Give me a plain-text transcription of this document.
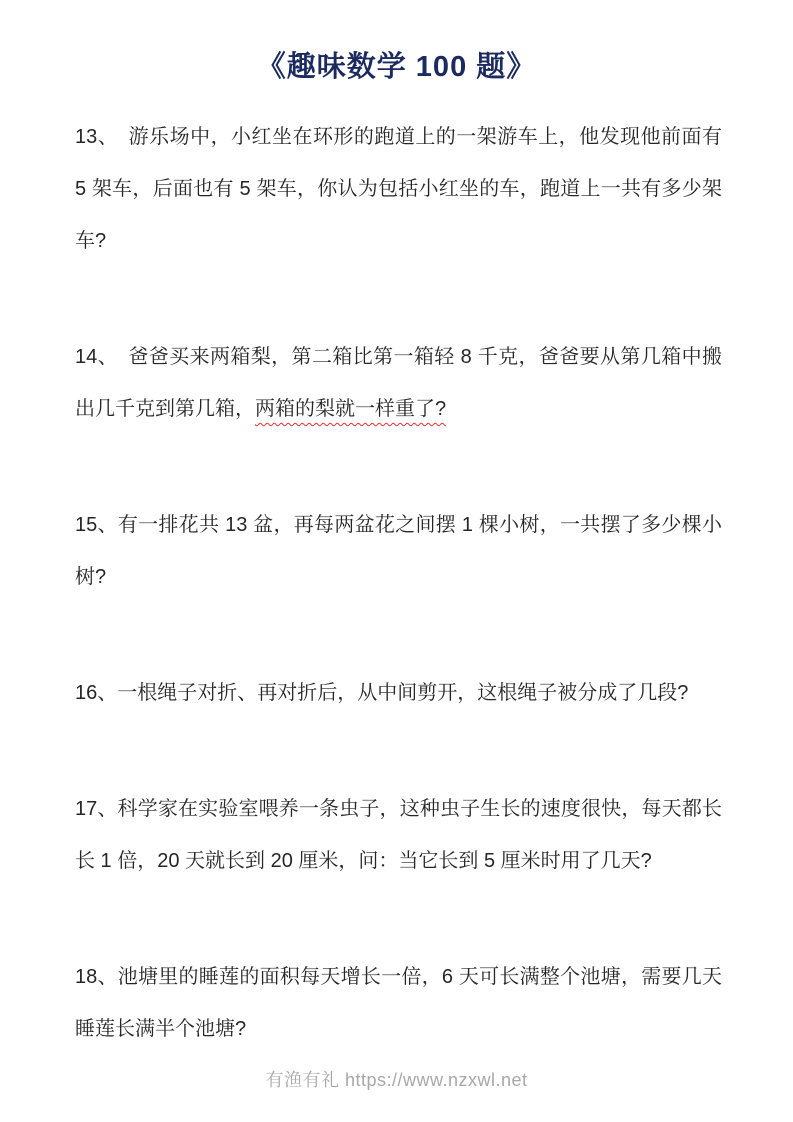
《趣味数学 100 题》

13、　游乐场中，小红坐在环形的跑道上的一架游车上，他发现他前面有 5 架车，后面也有 5 架车，你认为包括小红坐的车，跑道上一共有多少架车?

14、　爸爸买来两箱梨，第二箱比第一箱轻 8 千克，爸爸要从第几箱中搬出几千克到第几箱，两箱的梨就一样重了?

15、有一排花共 13 盆，再每两盆花之间摆 1 棵小树，一共摆了多少棵小树?

16、一根绳子对折、再对折后，从中间剪开，这根绳子被分成了几段?

17、科学家在实验室喂养一条虫子，这种虫子生长的速度很快，每天都长长 1 倍，20 天就长到 20 厘米，问：当它长到 5 厘米时用了几天?

18、池塘里的睡莲的面积每天增长一倍，6 天可长满整个池塘，需要几天睡莲长满半个池塘?

有渔有礼 https://www.nzxwl.net
